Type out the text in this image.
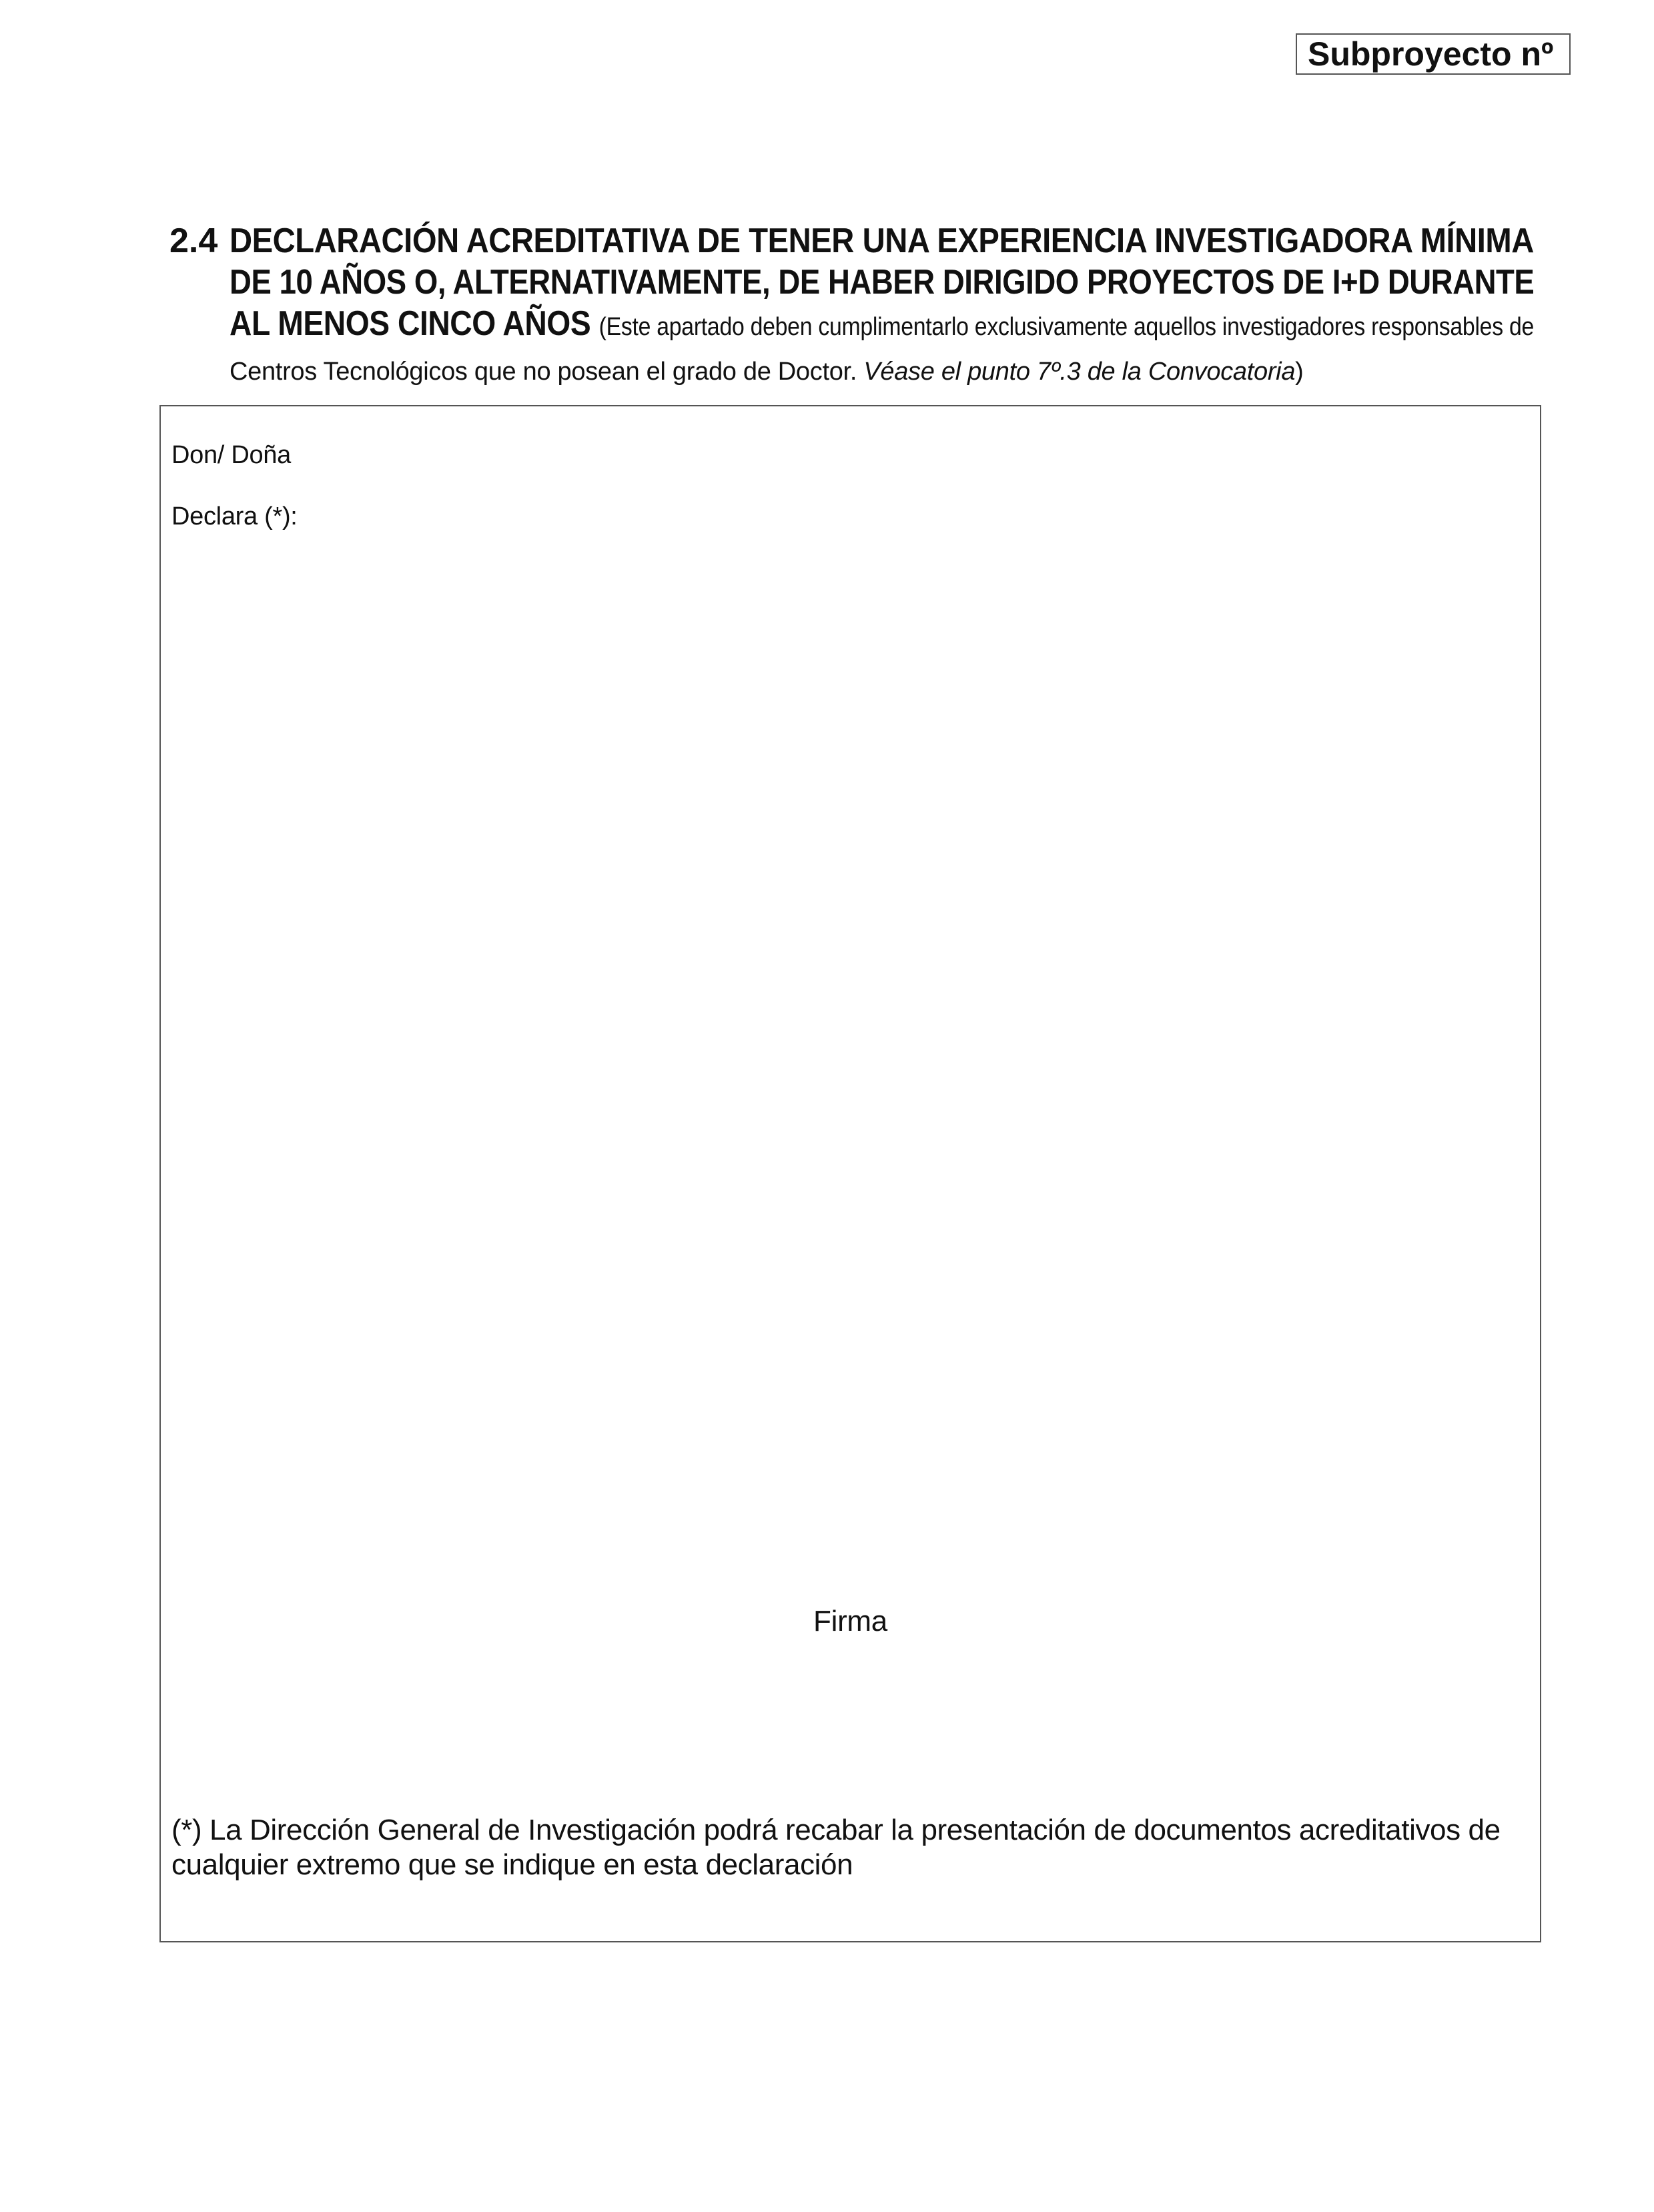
Subproyecto nº
2.4 DECLARACIÓN ACREDITATIVA DE TENER UNA EXPERIENCIA INVESTIGADORA MÍNIMA DE 10 AÑOS O, ALTERNATIVAMENTE, DE HABER DIRIGIDO PROYECTOS DE I+D DURANTE AL MENOS CINCO AÑOS (Este apartado deben cumplimentarlo exclusivamente aquellos investigadores responsables de Centros Tecnológicos que no posean el grado de Doctor. Véase el punto 7º.3 de la Convocatoria)

Don/ Doña
Declara (*):
Firma
(*) La Dirección General de Investigación podrá recabar la presentación de documentos acreditativos de cualquier extremo que se indique en esta declaración
